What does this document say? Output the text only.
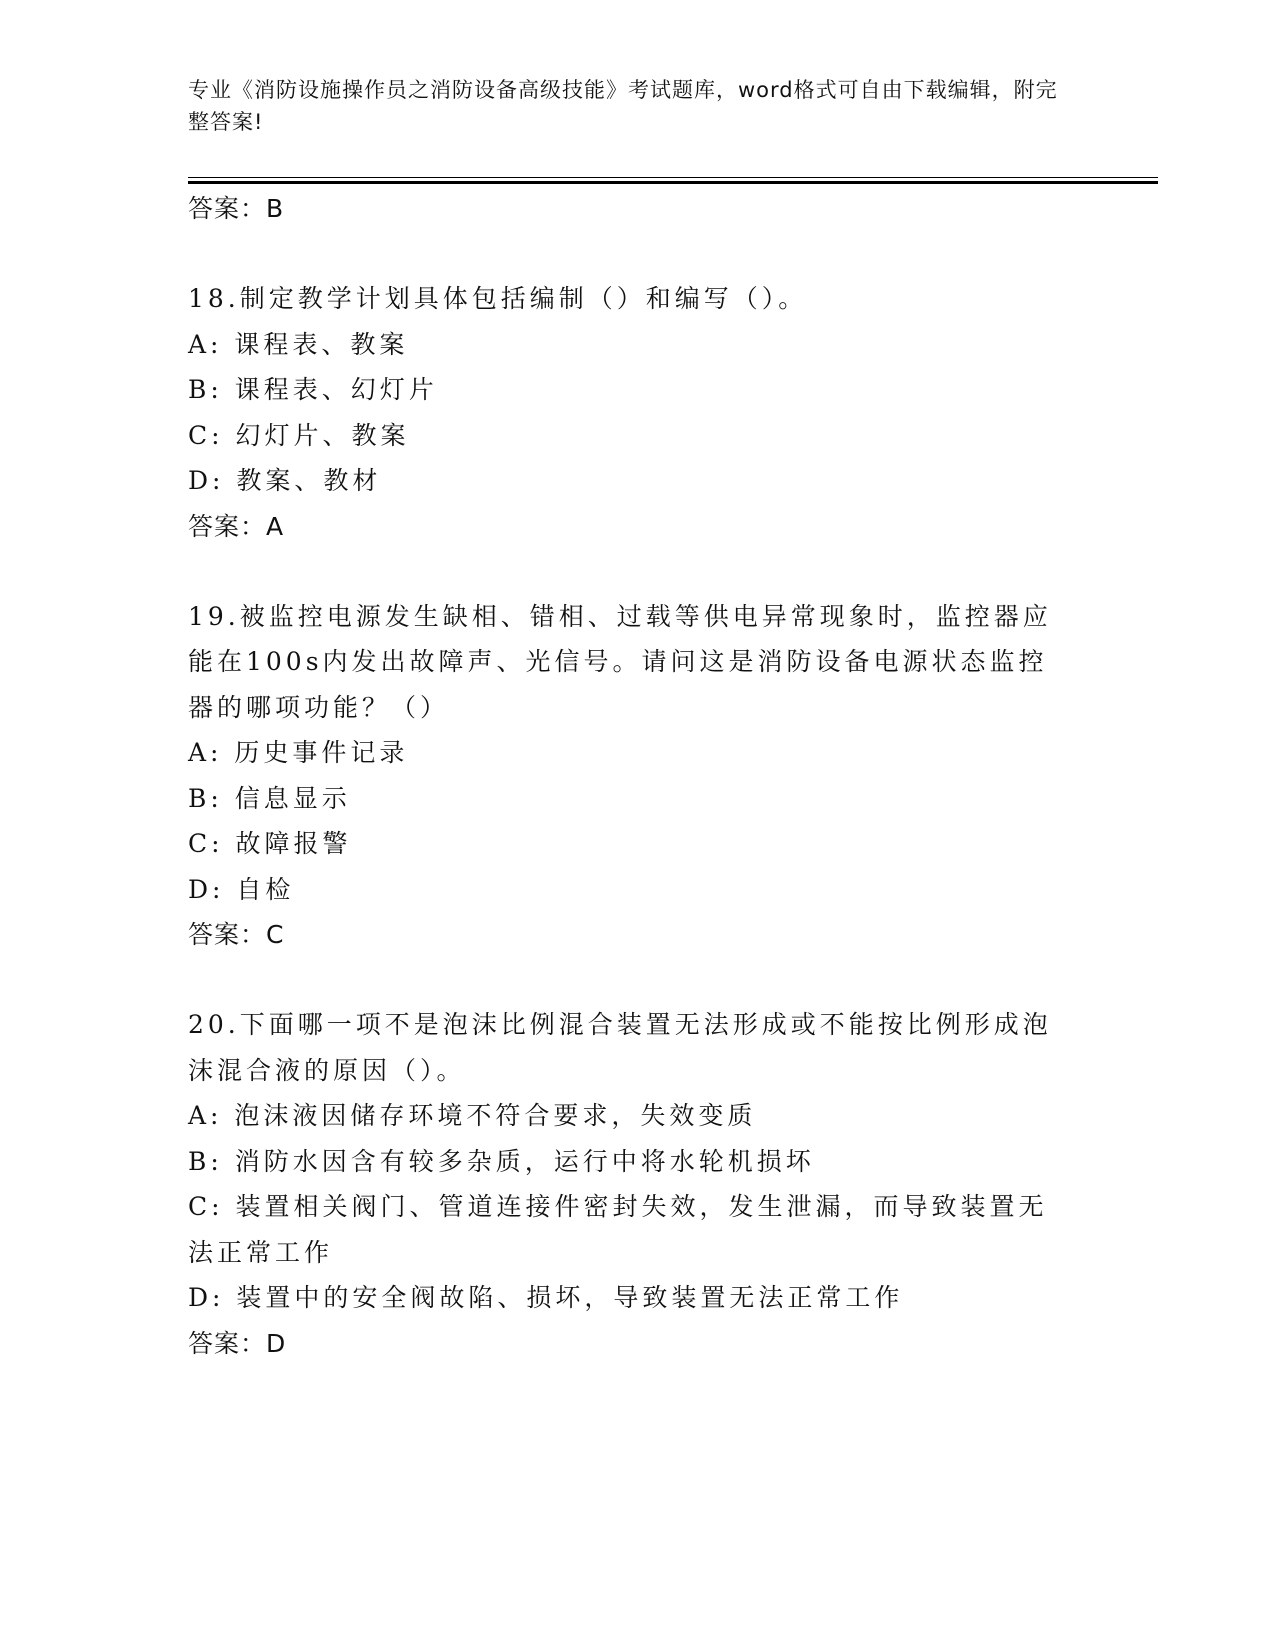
专业《消防设施操作员之消防设备高级技能》考试题库，word格式可自由下载编辑，附完整答案!
答案：B
18.制定教学计划具体包括编制（）和编写（）。
A: 课程表、教案
B: 课程表、幻灯片
C: 幻灯片、教案
D: 教案、教材
答案：A
19.被监控电源发生缺相、错相、过载等供电异常现象时，监控器应能在100s内发出故障声、光信号。请问这是消防设备电源状态监控器的哪项功能？（）
A: 历史事件记录
B: 信息显示
C: 故障报警
D: 自检
答案：C
20.下面哪一项不是泡沫比例混合装置无法形成或不能按比例形成泡沫混合液的原因（）。
A: 泡沫液因储存环境不符合要求，失效变质
B: 消防水因含有较多杂质，运行中将水轮机损坏
C: 装置相关阀门、管道连接件密封失效，发生泄漏，而导致装置无法正常工作
D: 装置中的安全阀故陷、损坏，导致装置无法正常工作
答案：D
